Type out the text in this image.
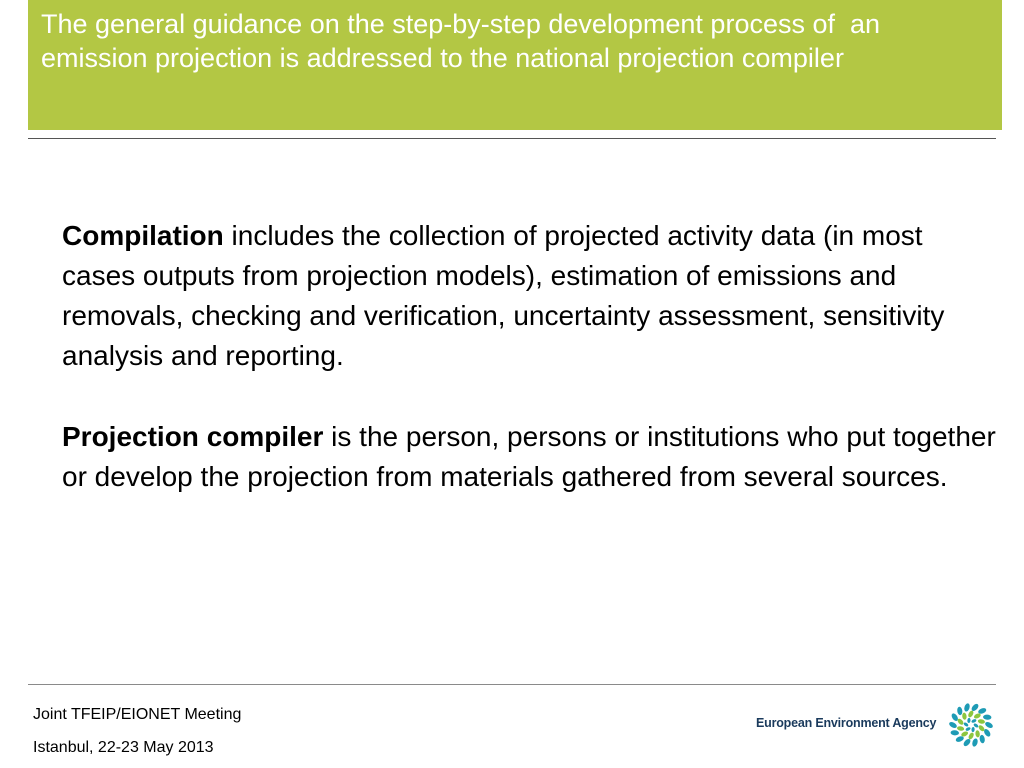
The general guidance on the step-by-step development process of  an emission projection is addressed to the national projection compiler

Compilation includes the collection of projected activity data (in most cases outputs from projection models), estimation of emissions and removals, checking and verification, uncertainty assessment, sensitivity analysis and reporting.

Projection compiler is the person, persons or institutions who put together or develop the projection from materials gathered from several sources.

Joint TFEIP/EIONET Meeting
Istanbul, 22-23 May 2013
European Environment Agency
